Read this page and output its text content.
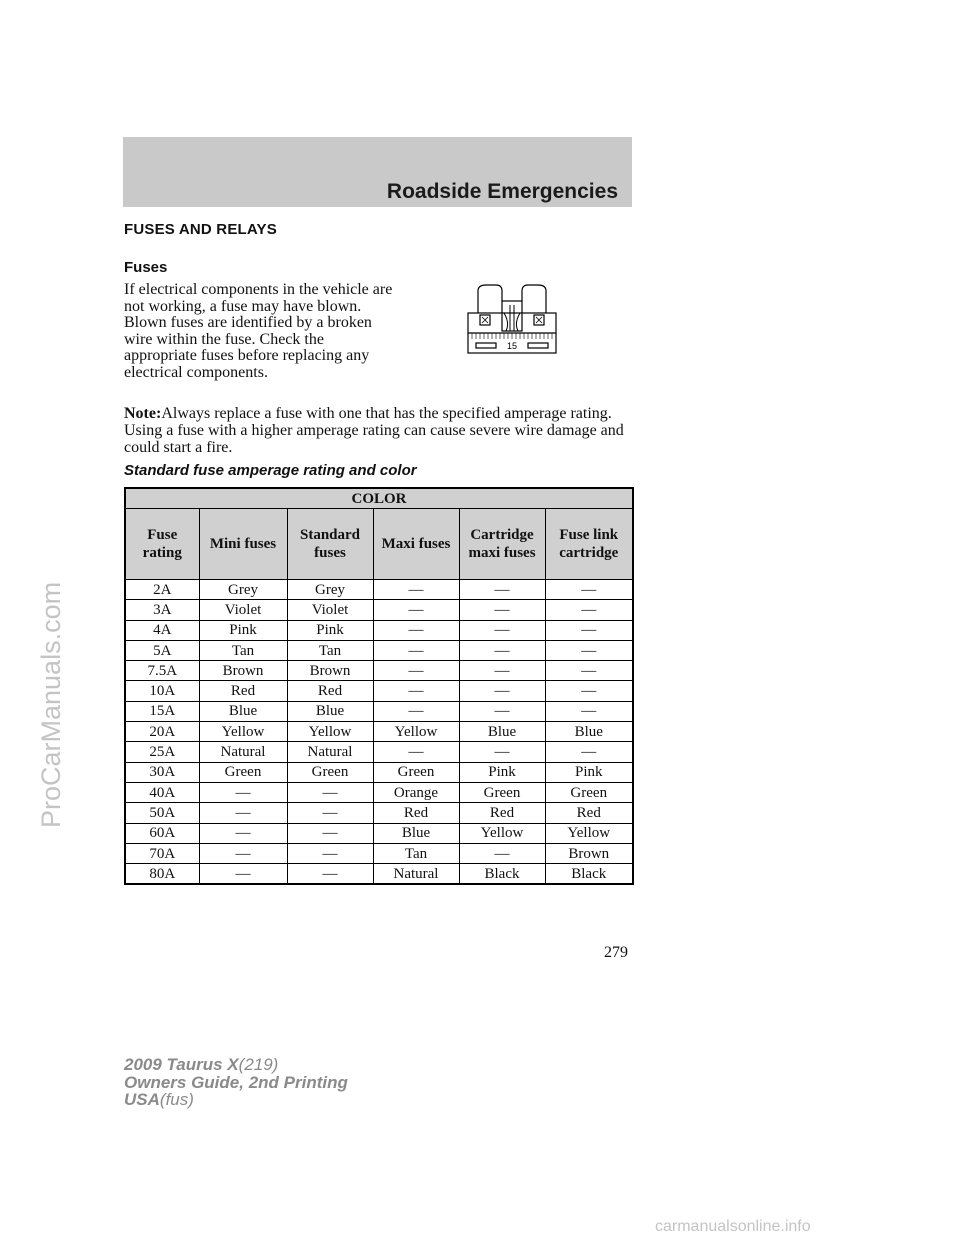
Roadside Emergencies
FUSES AND RELAYS
Fuses

If electrical components in the vehicle are not working, a fuse may have blown. Blown fuses are identified by a broken wire within the fuse. Check the appropriate fuses before replacing any electrical components.

15

Note:Always replace a fuse with one that has the specified amperage rating. Using a fuse with a higher amperage rating can cause severe wire damage and could start a fire.

Standard fuse amperage rating and color
COLOR					
Fuse rating	Mini fuses	Standard fuses	Maxi fuses	Cartridge maxi fuses	Fuse link cartridge
2A	Grey	Grey	—	—	—
3A	Violet	Violet	—	—	—
4A	Pink	Pink	—	—	—
5A	Tan	Tan	—	—	—
7.5A	Brown	Brown	—	—	—
10A	Red	Red	—	—	—
15A	Blue	Blue	—	—	—
20A	Yellow	Yellow	Yellow	Blue	Blue
25A	Natural	Natural	—	—	—
30A	Green	Green	Green	Pink	Pink
40A	—	—	Orange	Green	Green
50A	—	—	Red	Red	Red
60A	—	—	Blue	Yellow	Yellow
70A	—	—	Tan	—	Brown
80A	—	—	Natural	Black	Black
279
2009 Taurus X(219)
Owners Guide, 2nd Printing
USA(fus)
ProCarManuals.com
carmanualsonline.info
